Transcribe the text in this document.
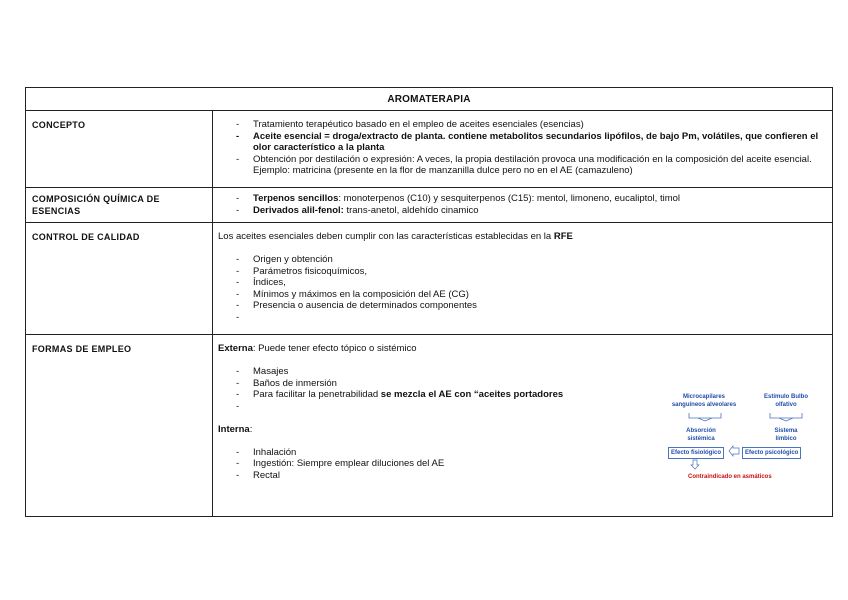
AROMATERAPIA
CONCEPTO
-	Tratamiento terapéutico basado en el empleo de aceites esenciales (esencias)
- Aceite esencial = droga/extracto de planta. contiene metabolitos secundarios lipófilos, de bajo Pm, volátiles, que confieren el olor característico a la planta
- Obtención por destilación o expresión: A veces, la propia destilación provoca una modificación en la composición del aceite esencial. Ejemplo: matricina (presente en la flor de manzanilla dulce pero no en el AE (camazuleno)
COMPOSICIÓN QUÍMICA DE ESENCIAS
- Terpenos sencillos: monoterpenos (C10) y sesquiterpenos (C15): mentol, limoneno, eucaliptol, timol
- Derivados alil-fenol: trans-anetol, aldehído cinamico
CONTROL DE CALIDAD	Los aceites esenciales deben cumplir con las características establecidas en la RFE
- Origen y obtención
- Parámetros fisicoquímicos,
- Índices,
- Mínimos y máximos en la composición del AE (CG)
- Presencia o ausencia de determinados componentes
-
FORMAS DE EMPLEO	Externa: Puede tener efecto tópico o sistémico
- Masajes
- Baños de inmersión
- Para facilitar la penetrabilidad se mezcla el AE con “aceites portadores
-
Interna:
- Inhalación
- Ingestión: Siempre emplear diluciones del AE
- Rectal
Microcapilares sanguíneos alveolares
Estímulo Bulbo olfativo
Absorción sistémica
Sistema límbico
Efecto fisiológico	Efecto psicológico
Contraindicado en asmáticos
